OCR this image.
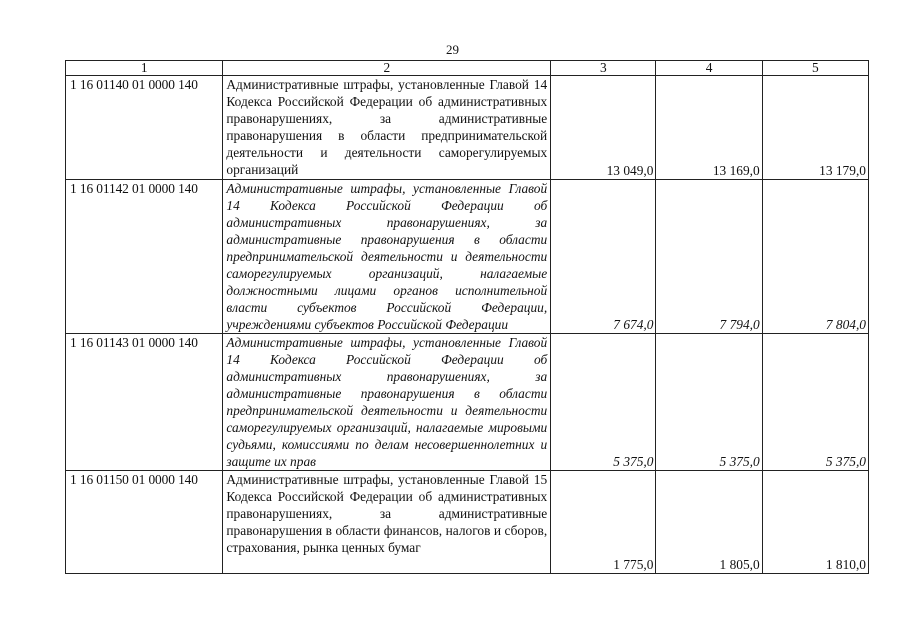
29
1	2	3	4	5
1 16 01140 01 0000 140	Административные штрафы, установленные Главой 14 Кодекса Российской Федерации об административных правонарушениях, за административные правонарушения в области предпринимательской деятельности и деятельности саморегулируемых организаций	13 049,0	13 169,0	13 179,0
1 16 01142 01 0000 140	Административные штрафы, установленные Главой 14 Кодекса Российской Федерации об административных правонарушениях, за административные правонарушения в области предпринимательской деятельности и деятельности саморегулируемых организаций, налагаемые должностными лицами органов исполнительной власти субъектов Российской Федерации, учреждениями субъектов Российской Федерации	7 674,0	7 794,0	7 804,0
1 16 01143 01 0000 140	Административные штрафы, установленные Главой 14 Кодекса Российской Федерации об административных правонарушениях, за административные правонарушения в области предпринимательской деятельности и деятельности саморегулируемых организаций, налагаемые мировыми судьями, комиссиями по делам несовершеннолетних и защите их прав	5 375,0	5 375,0	5 375,0
1 16 01150 01 0000 140	Административные штрафы, установленные Главой 15 Кодекса Российской Федерации об административных правонарушениях, за административные правонарушения в области финансов, налогов и сборов, страхования, рынка ценных бумаг	1 775,0	1 805,0	1 810,0
